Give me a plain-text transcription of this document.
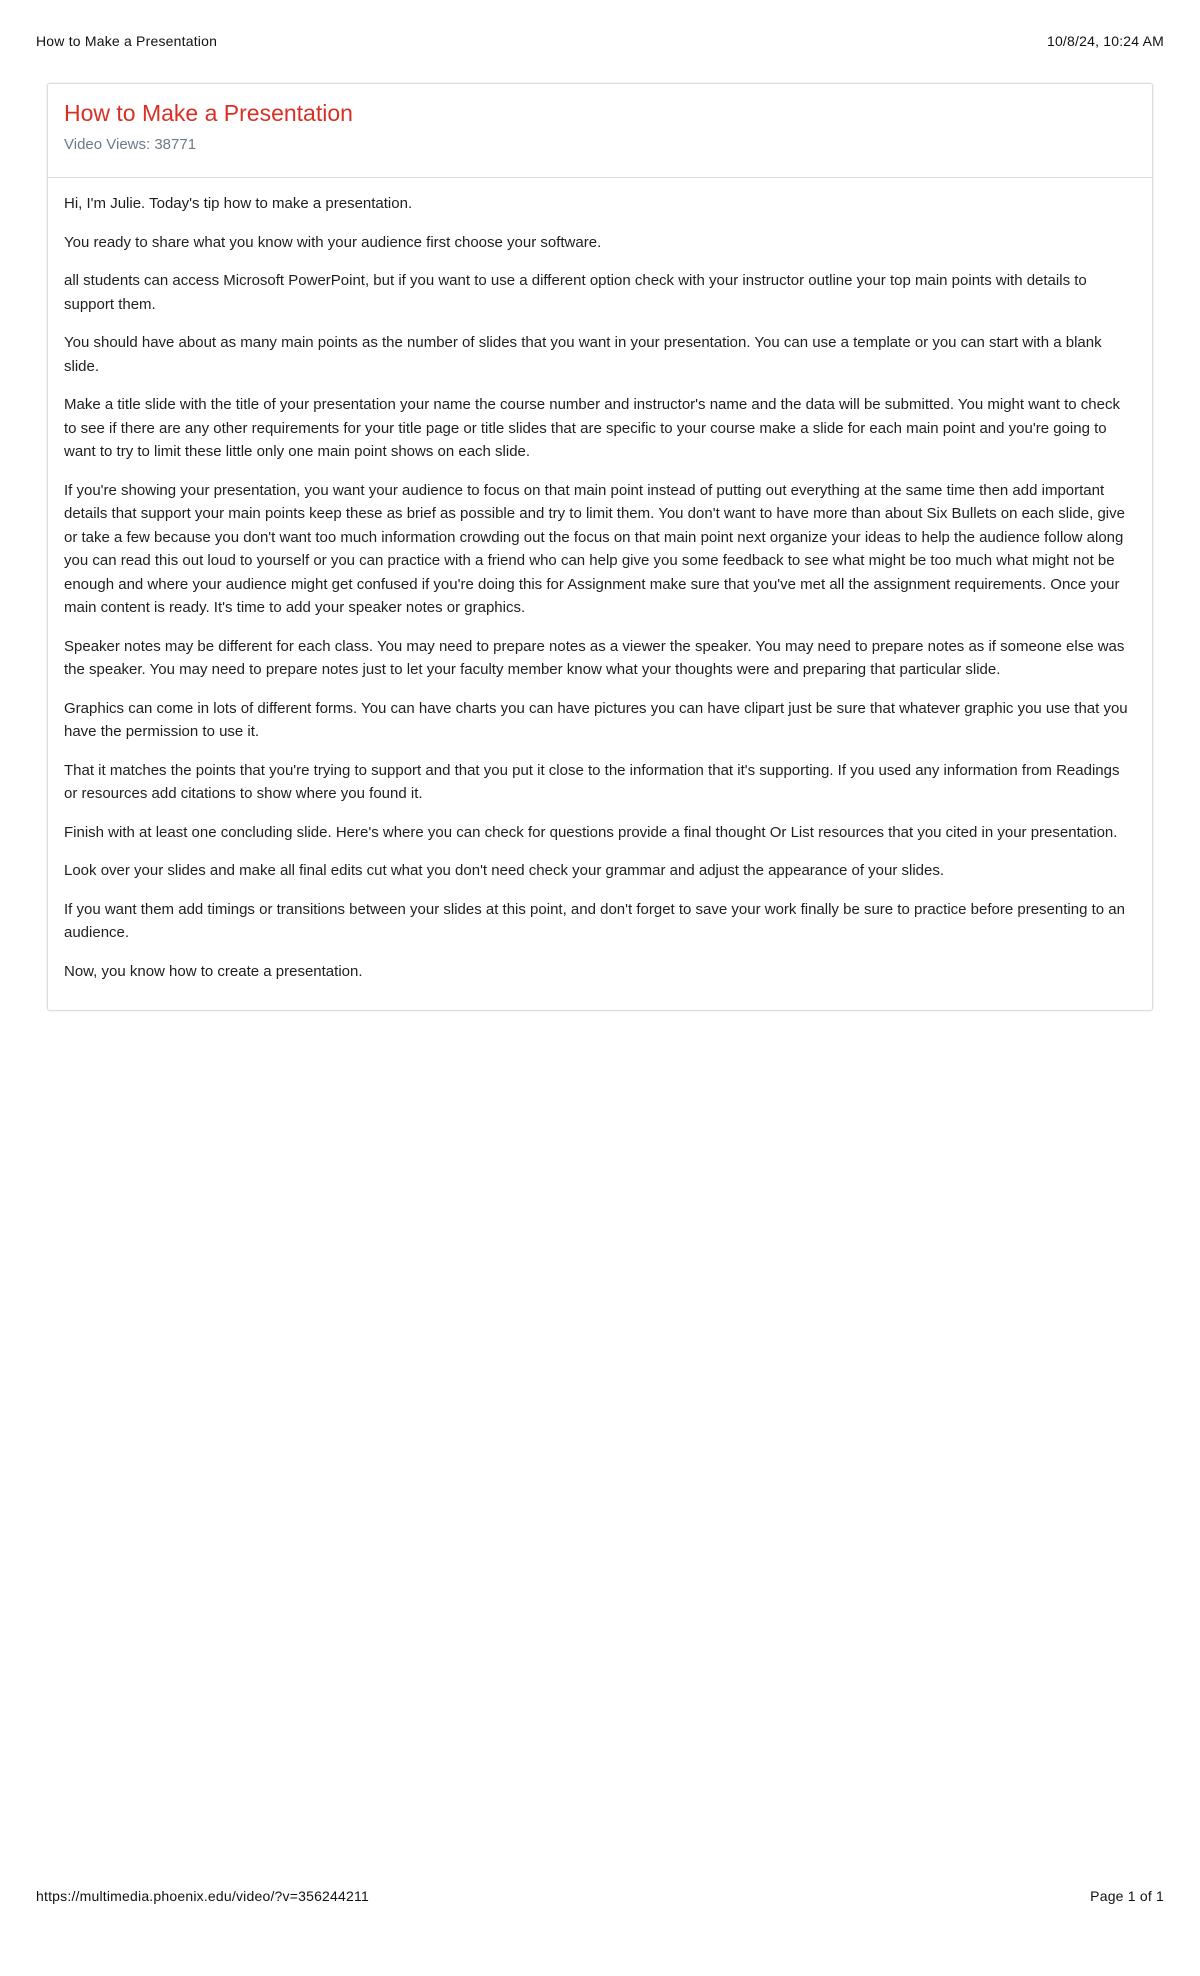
How to Make a Presentation	10/8/24, 10:24 AM
How to Make a Presentation
Video Views: 38771

Hi, I'm Julie. Today's tip how to make a presentation.

You ready to share what you know with your audience first choose your software.

all students can access Microsoft PowerPoint, but if you want to use a different option check with your instructor outline your top main points with details to support them.

You should have about as many main points as the number of slides that you want in your presentation. You can use a template or you can start with a blank slide.

Make a title slide with the title of your presentation your name the course number and instructor's name and the data will be submitted. You might want to check to see if there are any other requirements for your title page or title slides that are specific to your course make a slide for each main point and you're going to want to try to limit these little only one main point shows on each slide.

If you're showing your presentation, you want your audience to focus on that main point instead of putting out everything at the same time then add important details that support your main points keep these as brief as possible and try to limit them. You don't want to have more than about Six Bullets on each slide, give or take a few because you don't want too much information crowding out the focus on that main point next organize your ideas to help the audience follow along you can read this out loud to yourself or you can practice with a friend who can help give you some feedback to see what might be too much what might not be enough and where your audience might get confused if you're doing this for Assignment make sure that you've met all the assignment requirements. Once your main content is ready. It's time to add your speaker notes or graphics.

Speaker notes may be different for each class. You may need to prepare notes as a viewer the speaker. You may need to prepare notes as if someone else was the speaker. You may need to prepare notes just to let your faculty member know what your thoughts were and preparing that particular slide.

Graphics can come in lots of different forms. You can have charts you can have pictures you can have clipart just be sure that whatever graphic you use that you have the permission to use it.

That it matches the points that you're trying to support and that you put it close to the information that it's supporting. If you used any information from Readings or resources add citations to show where you found it.

Finish with at least one concluding slide. Here's where you can check for questions provide a final thought Or List resources that you cited in your presentation.

Look over your slides and make all final edits cut what you don't need check your grammar and adjust the appearance of your slides.

If you want them add timings or transitions between your slides at this point, and don't forget to save your work finally be sure to practice before presenting to an audience.

Now, you know how to create a presentation.

https://multimedia.phoenix.edu/video/?v=356244211	Page 1 of 1
